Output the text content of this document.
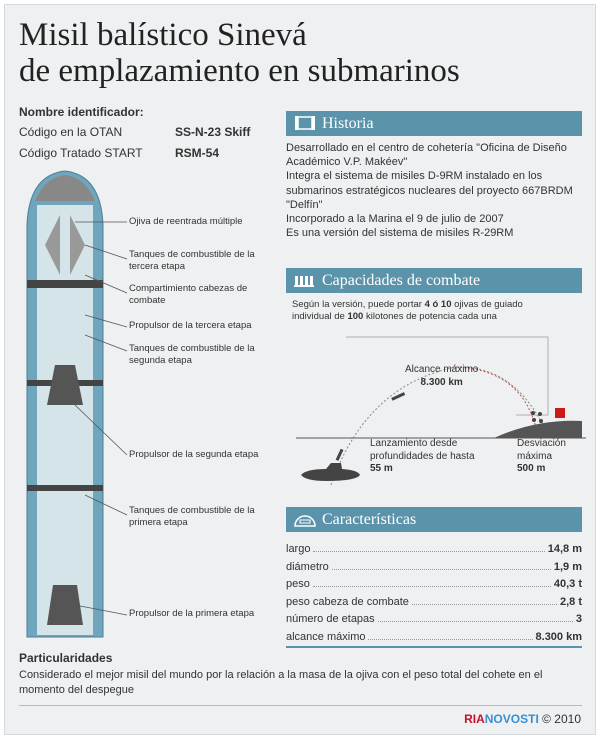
Misil balístico Sinevá
de emplazamiento en submarinos
Nombre identificador:
Código en la OTAN	SS-N-23 Skiff
Código Tratado START	RSM-54
Ojiva de reentrada múltiple
Tanques de combustible de la tercera etapa
Compartimiento cabezas de combate
Propulsor de la tercera etapa
Tanques de combustible de la segunda etapa
Propulsor de la segunda etapa
Tanques de combustible de la primera etapa
Propulsor de la primera etapa
Historia
Desarrollado en el centro de cohetería "Oficina de Diseño Académico V.P. Makéev"
Integra el sistema de misiles D-9RM instalado en los submarinos estratégicos nucleares del proyecto 667BRDM "Delfín"
Incorporado a la Marina el 9 de julio de 2007
Es una versión del sistema de misiles R-29RM
Capacidades de combate
Según la versión, puede portar 4 ó 10 ojivas de guiado individual de 100 kilotones de potencia cada una
Alcance máximo
8.300 km
Lanzamiento desde profundidades de hasta 55 m
Desviación máxima
500 m
Características
largo	14,8 m
diámetro	1,9 m
peso	40,3 t
peso cabeza de combate	2,8 t
número de etapas	3
alcance máximo	8.300 km
Particularidades
Considerado el mejor misil del mundo por la relación a la masa de la ojiva con el peso total del cohete en el momento del despegue
RIANOVOSTI © 2010
